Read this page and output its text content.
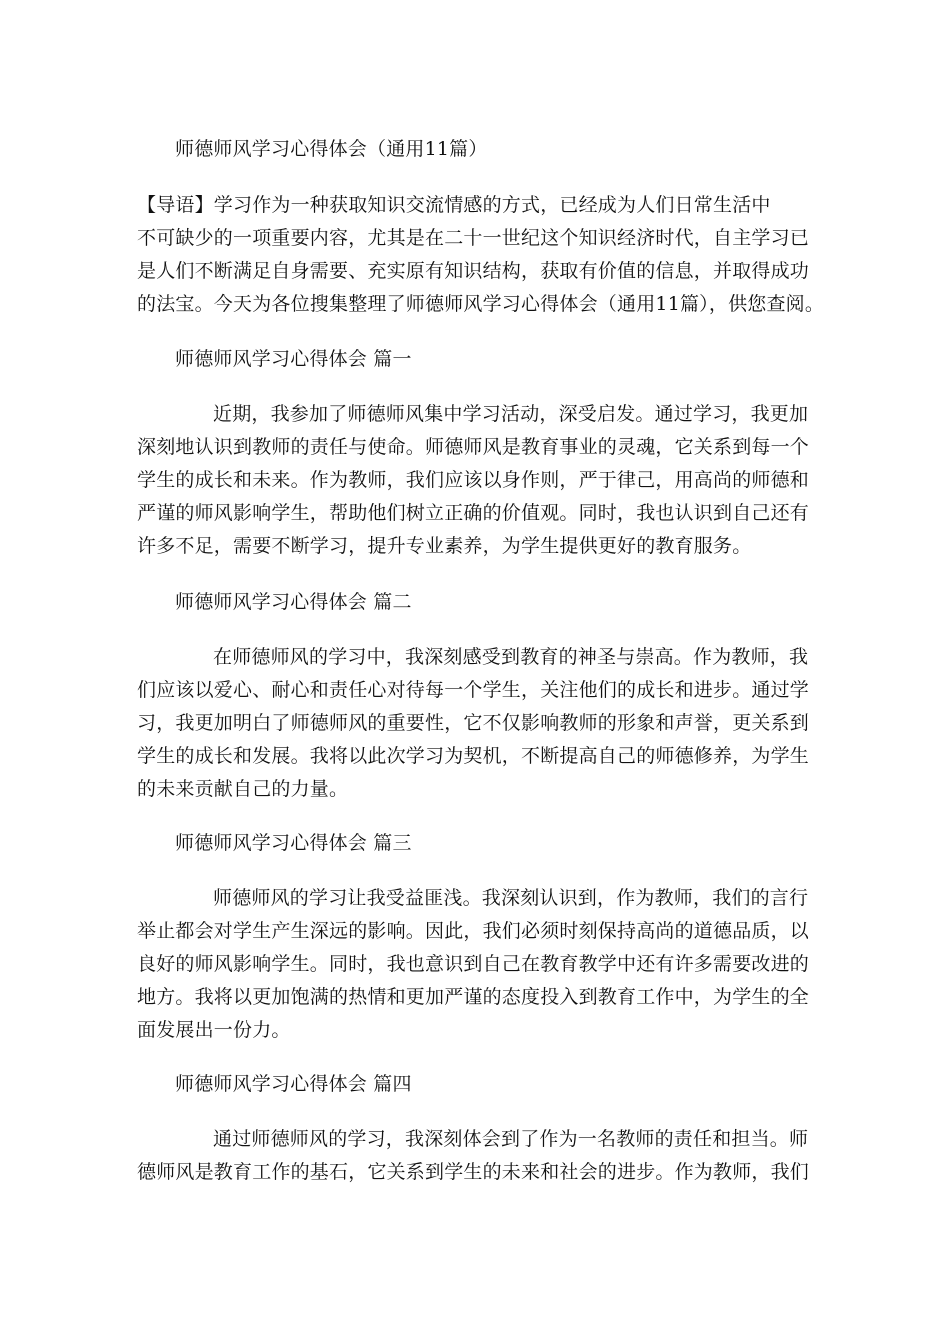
师德师风学习心得体会（通用11篇）
【导语】学习作为一种获取知识交流情感的方式，已经成为人们日常生活中
不可缺少的一项重要内容，尤其是在二十一世纪这个知识经济时代，自主学习已
是人们不断满足自身需要、充实原有知识结构，获取有价值的信息，并取得成功
的法宝。今天为各位搜集整理了师德师风学习心得体会（通用11篇），供您查阅。
师德师风学习心得体会 篇一
近期，我参加了师德师风集中学习活动，深受启发。通过学习，我更加
深刻地认识到教师的责任与使命。师德师风是教育事业的灵魂，它关系到每一个
学生的成长和未来。作为教师，我们应该以身作则，严于律己，用高尚的师德和
严谨的师风影响学生，帮助他们树立正确的价值观。同时，我也认识到自己还有
许多不足，需要不断学习，提升专业素养，为学生提供更好的教育服务。
师德师风学习心得体会 篇二
在师德师风的学习中，我深刻感受到教育的神圣与崇高。作为教师，我
们应该以爱心、耐心和责任心对待每一个学生，关注他们的成长和进步。通过学
习，我更加明白了师德师风的重要性，它不仅影响教师的形象和声誉，更关系到
学生的成长和发展。我将以此次学习为契机，不断提高自己的师德修养，为学生
的未来贡献自己的力量。
师德师风学习心得体会 篇三
师德师风的学习让我受益匪浅。我深刻认识到，作为教师，我们的言行
举止都会对学生产生深远的影响。因此，我们必须时刻保持高尚的道德品质，以
良好的师风影响学生。同时，我也意识到自己在教育教学中还有许多需要改进的
地方。我将以更加饱满的热情和更加严谨的态度投入到教育工作中，为学生的全
面发展出一份力。
师德师风学习心得体会 篇四
通过师德师风的学习，我深刻体会到了作为一名教师的责任和担当。师
德师风是教育工作的基石，它关系到学生的未来和社会的进步。作为教师，我们
